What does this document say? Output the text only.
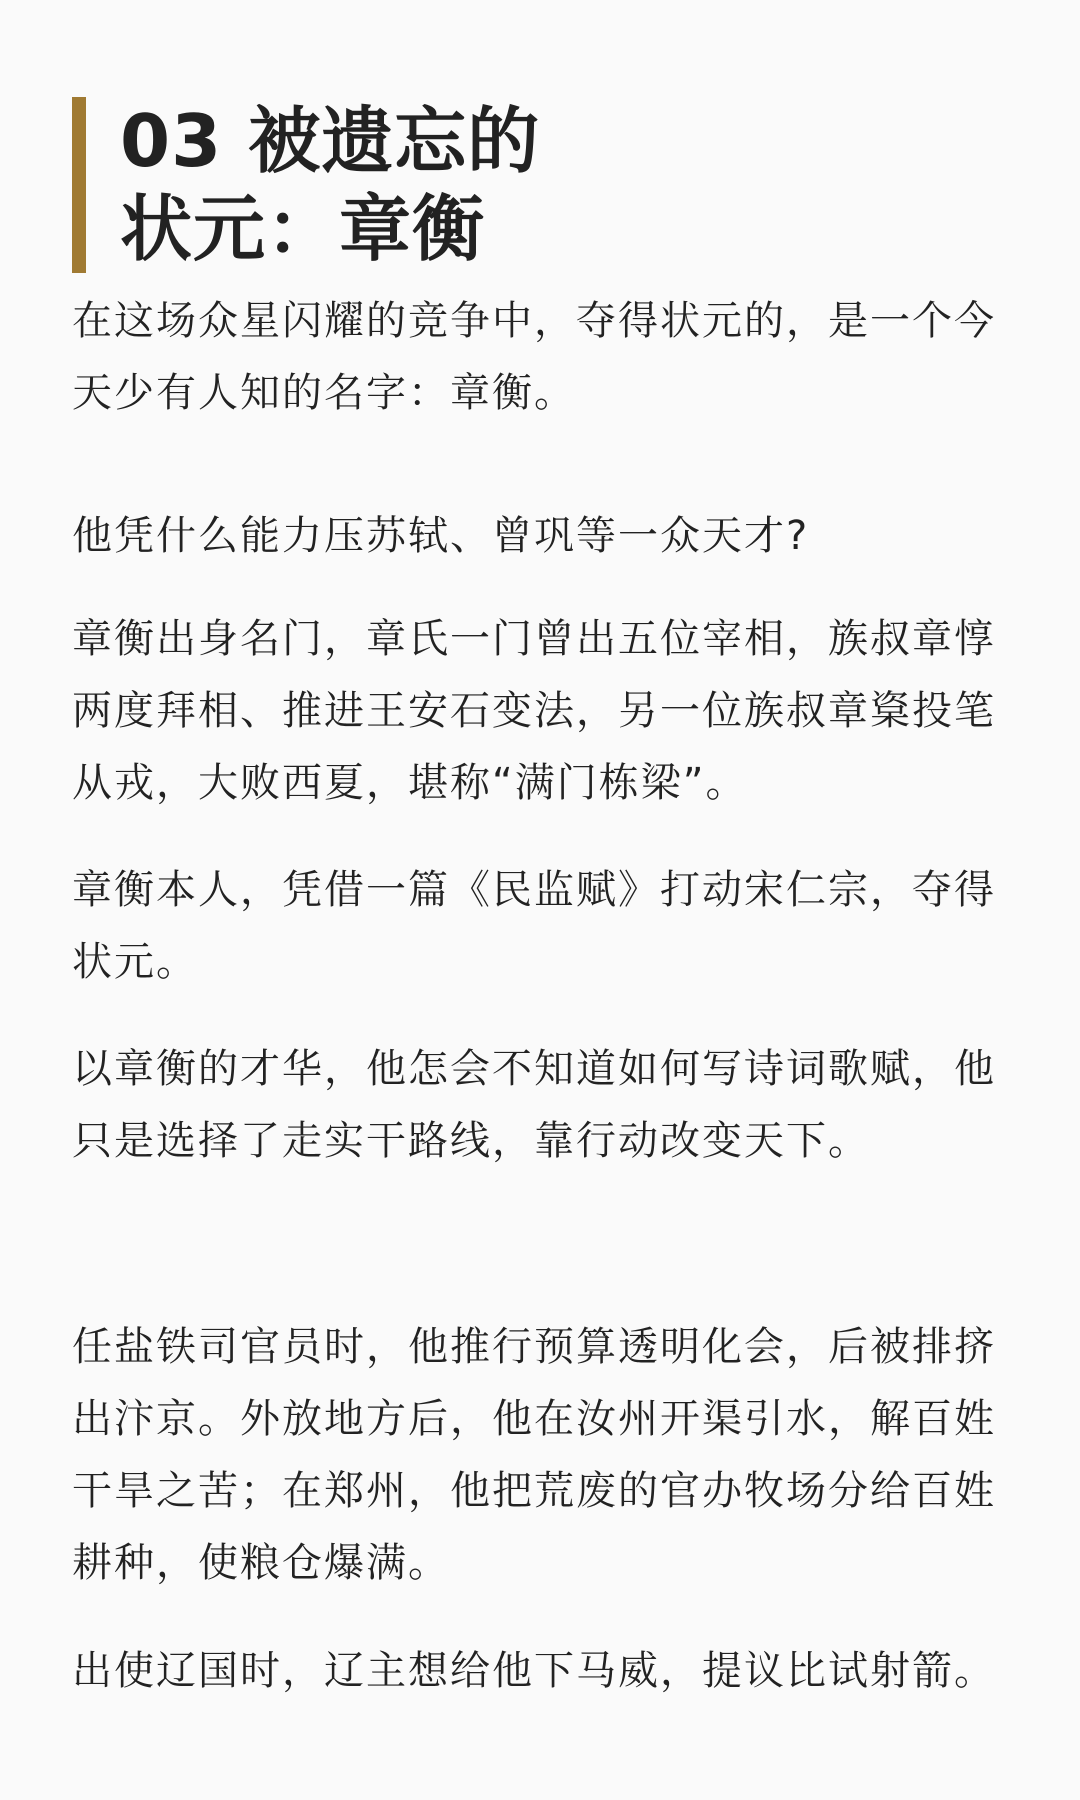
03 被遗忘的
状元：章衡

在这场众星闪耀的竞争中，夺得状元的，是一个今
天少有人知的名字：章衡。

他凭什么能力压苏轼、曾巩等一众天才?

章衡出身名门，章氏一门曾出五位宰相，族叔章惇
两度拜相、推进王安石变法，另一位族叔章楶投笔
从戎，大败西夏，堪称“满门栋梁”。

章衡本人，凭借一篇《民监赋》打动宋仁宗，夺得
状元。

以章衡的才华，他怎会不知道如何写诗词歌赋，他
只是选择了走实干路线，靠行动改变天下。

任盐铁司官员时，他推行预算透明化会，后被排挤
出汴京。外放地方后，他在汝州开渠引水，解百姓
干旱之苦；在郑州，他把荒废的官办牧场分给百姓
耕种，使粮仓爆满。

出使辽国时，辽主想给他下马威，提议比试射箭。
